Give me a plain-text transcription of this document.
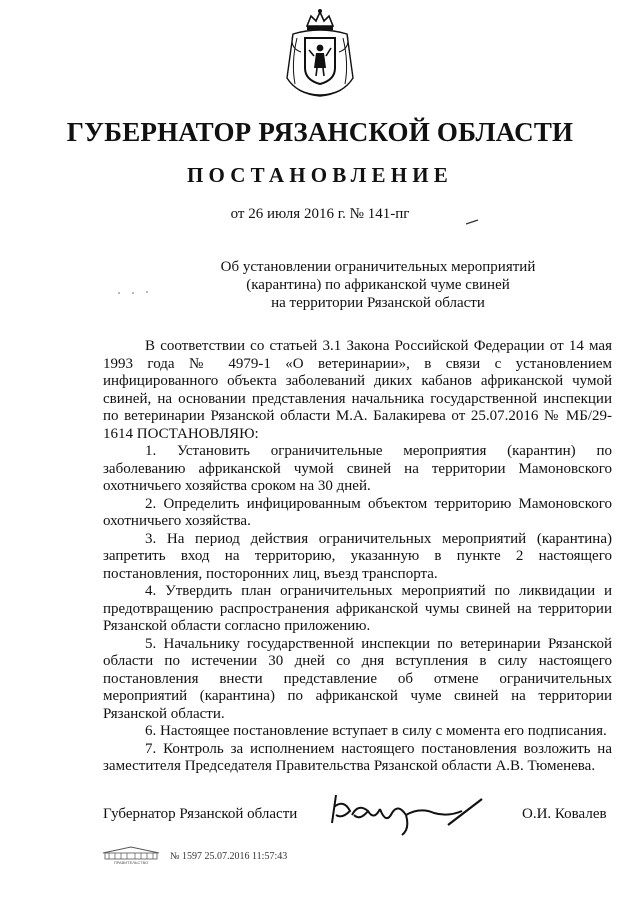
ГУБЕРНАТОР РЯЗАНСКОЙ ОБЛАСТИ
ПОСТАНОВЛЕНИЕ
от 26 июля 2016 г. № 141-пг
Об установлении ограничительных мероприятий
(карантина) по африканской чуме свиней
на территории Рязанской области

В соответствии со статьей 3.1 Закона Российской Федерации от 14 мая 1993 года № 4979-1 «О ветеринарии», в связи с установлением инфицированного объекта заболеваний диких кабанов африканской чумой свиней, на основании представления начальника государственной инспекции по ветеринарии Рязанской области М.А. Балакирева от 25.07.2016 № МБ/29-1614 ПОСТАНОВЛЯЮ:

1. Установить ограничительные мероприятия (карантин) по заболеванию африканской чумой свиней на территории Мамоновского охотничьего хозяйства сроком на 30 дней.

2. Определить инфицированным объектом территорию Мамоновского охотничьего хозяйства.

3. На период действия ограничительных мероприятий (карантина) запретить вход на территорию, указанную в пункте 2 настоящего постановления, посторонних лиц, въезд транспорта.

4. Утвердить план ограничительных мероприятий по ликвидации и предотвращению распространения африканской чумы свиней на территории Рязанской области согласно приложению.

5. Начальнику государственной инспекции по ветеринарии Рязанской области по истечении 30 дней со дня вступления в силу настоящего постановления внести представление об отмене ограничительных мероприятий (карантина) по африканской чуме свиней на территории Рязанской области.

6. Настоящее постановление вступает в силу с момента его подписания.

7. Контроль за исполнением настоящего постановления возложить на заместителя Председателя Правительства Рязанской области А.В. Тюменева.

Губернатор Рязанской области	О.И. Ковалев
ПРАВИТЕЛЬСТВО
№ 1597 25.07.2016 11:57:43
